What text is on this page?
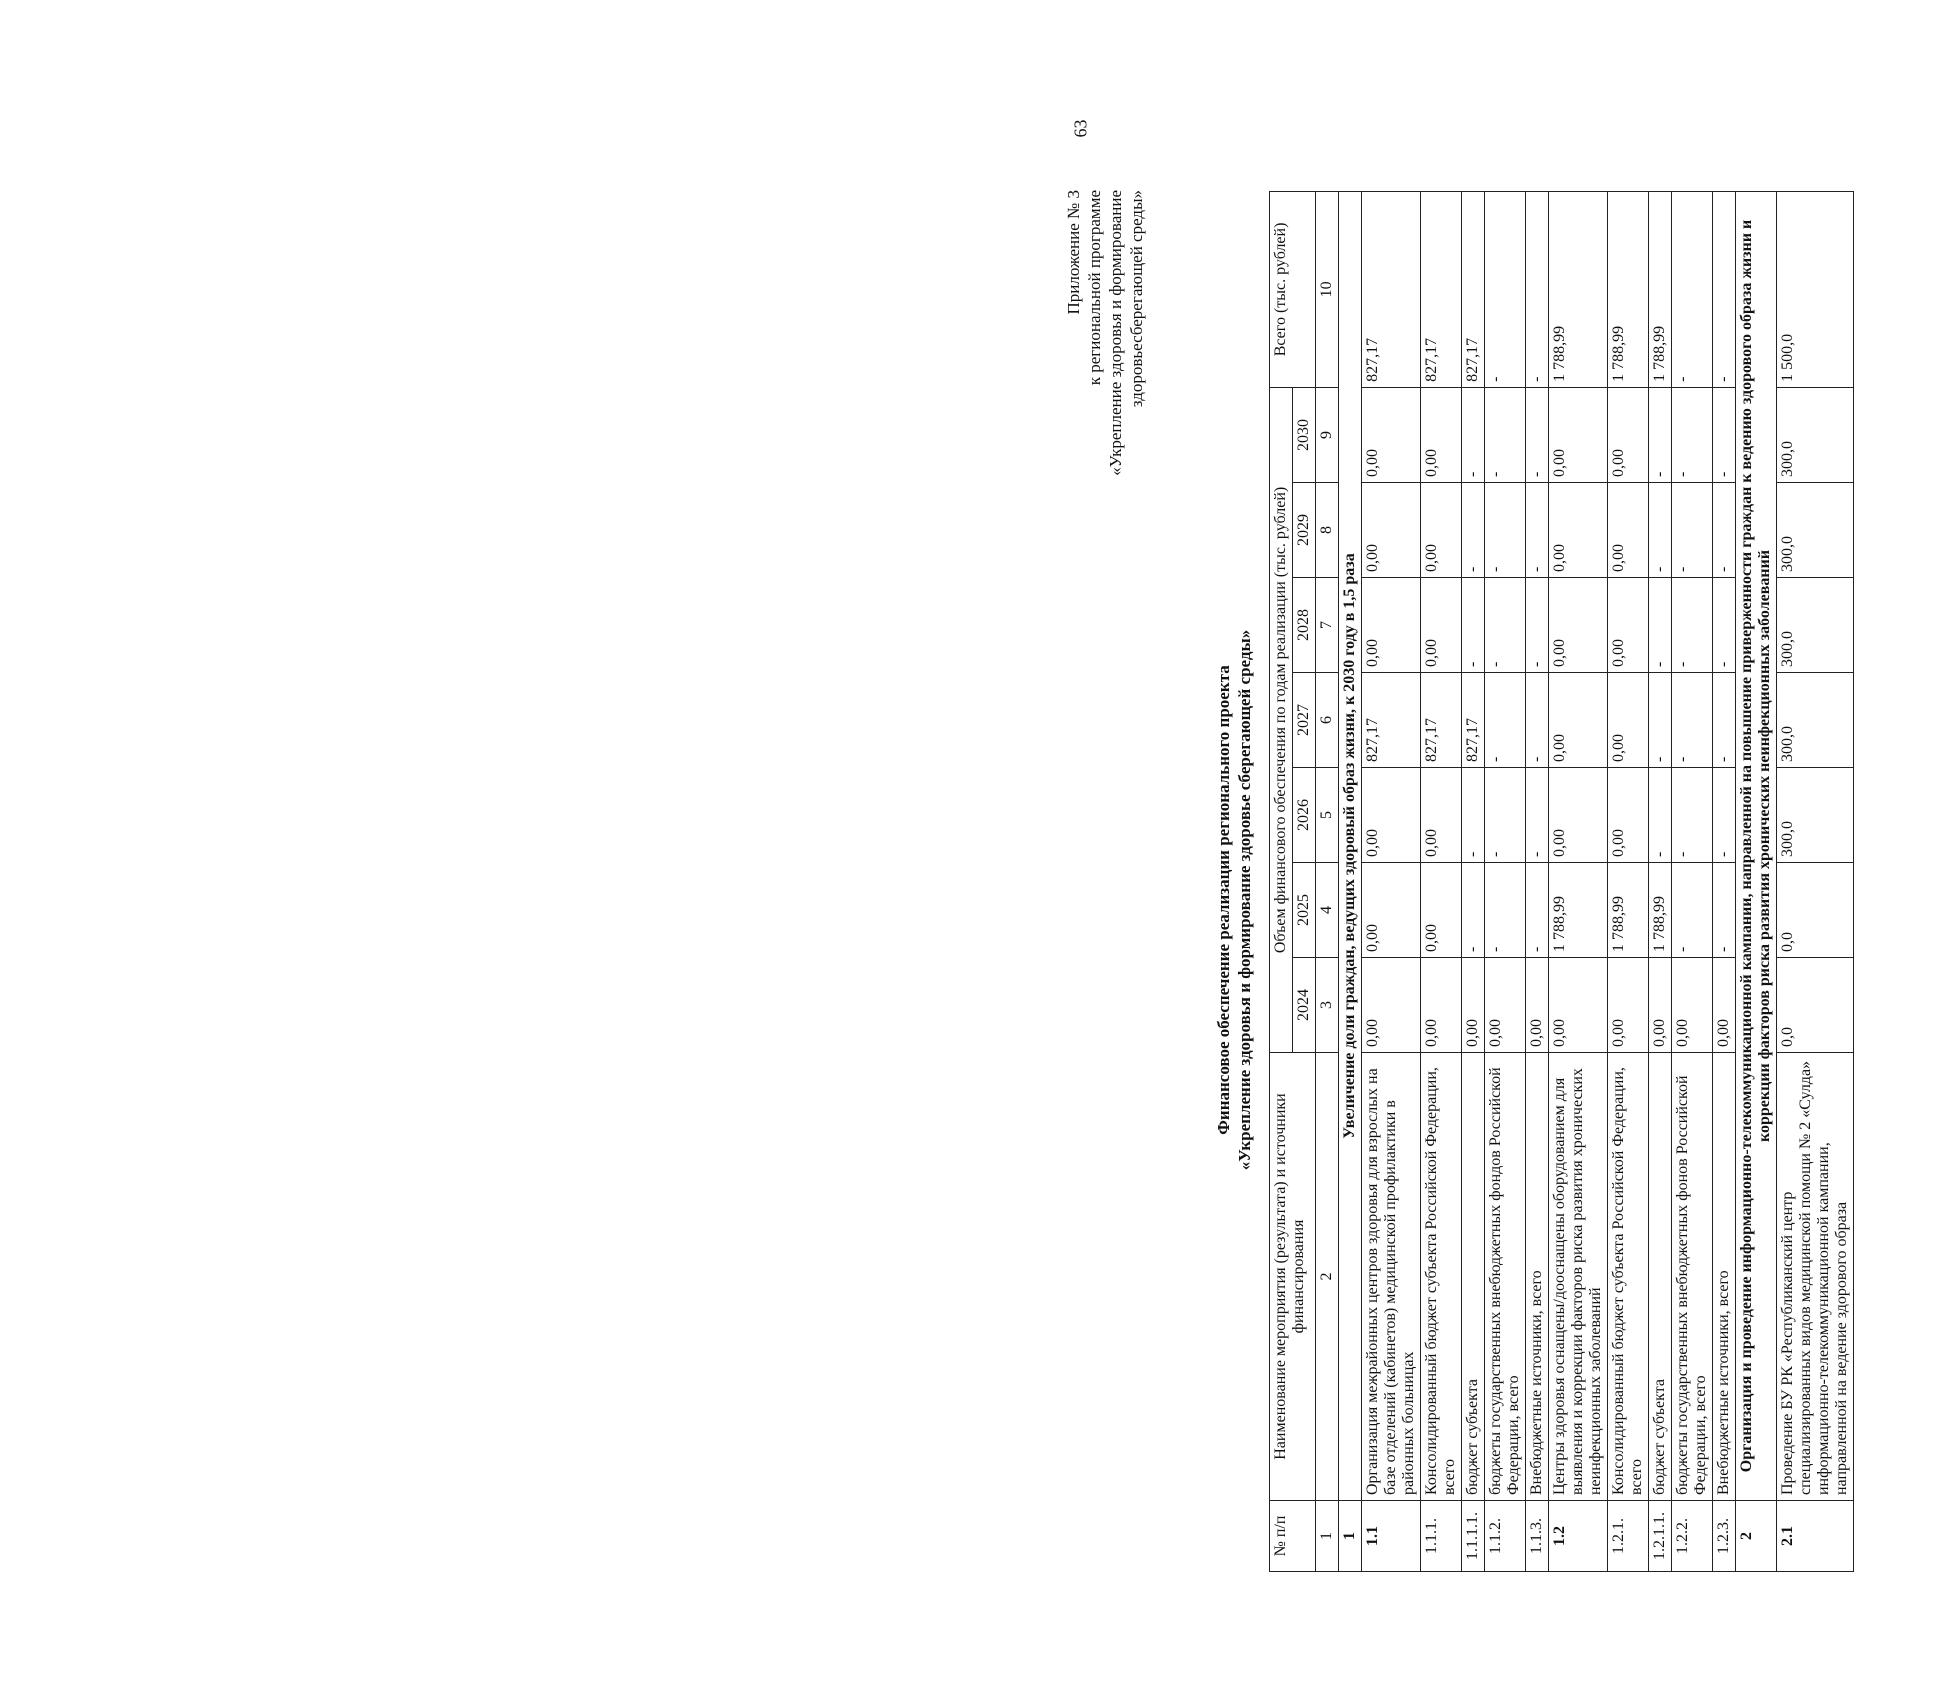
Приложение № 3 к региональной программе «Укрепление здоровья и формирование здоровьесберегающей среды»
Финансовое обеспечение реализации регионального проекта «Укрепление здоровья и формирование здоровье сберегающей среды»
№ п/п	Наименование мероприятия (результата) и источники финансирования	Объем финансового обеспечения по годам реализации (тыс. рублей)							Всего (тыс. рублей)
		2024	2025	2026	2027	2028	2029	2030	
1	2	3	4	5	6	7	8	9	10
1	Увеличение доли граждан, ведущих здоровый образ жизни, к 2030 году в 1,5 раза								
1.1	Организация межрайонных центров здоровья для взрослых на базе отделений (кабинетов) медицинской профилактики в районных больницах	0,00	0,00	0,00	827,17	0,00	0,00	0,00	827,17
1.1.1.	Консолидированный бюджет субъекта Российской Федерации, всего	0,00	0,00	0,00	827,17	0,00	0,00	0,00	827,17
1.1.1.1.	бюджет субъекта	0,00	-	-	827,17	-	-	-	827,17
1.1.2.	бюджеты государственных внебюджетных фондов Российской Федерации, всего	0,00	-	-	-	-	-	-	-
1.1.3.	Внебюджетные источники, всего	0,00	-	-	-	-	-	-	-
1.2	Центры здоровья оснащены/дооснащены оборудованием для выявления и коррекции факторов риска развития хронических неинфекционных заболеваний	0,00	1 788,99	0,00	0,00	0,00	0,00	0,00	1 788,99
1.2.1.	Консолидированный бюджет субъекта Российской Федерации, всего	0,00	1 788,99	0,00	0,00	0,00	0,00	0,00	1 788,99
1.2.1.1.	бюджет субъекта	0,00	1 788,99	-	-	-	-	-	1 788,99
1.2.2.	бюджеты государственных внебюджетных фонов Российской Федерации, всего	0,00	-	-	-	-	-	-	-
1.2.3.	Внебюджетные источники, всего	0,00	-	-	-	-	-	-	-
2	Организация и проведение информационно-телекоммуникационной кампании, направленной на повышение приверженности граждан к ведению здорового образа жизни и коррекции факторов риска развития хронических неинфекционных заболеваний								
2.1	Проведение БУ РК «Республиканский центр специализированных видов медицинской помощи № 2 «Сулда» информационно-телекоммуникационной кампании, направленной на ведение здорового образа	0,0	0,0	300,0	300,0	300,0	300,0	300,0	1 500,0
63
